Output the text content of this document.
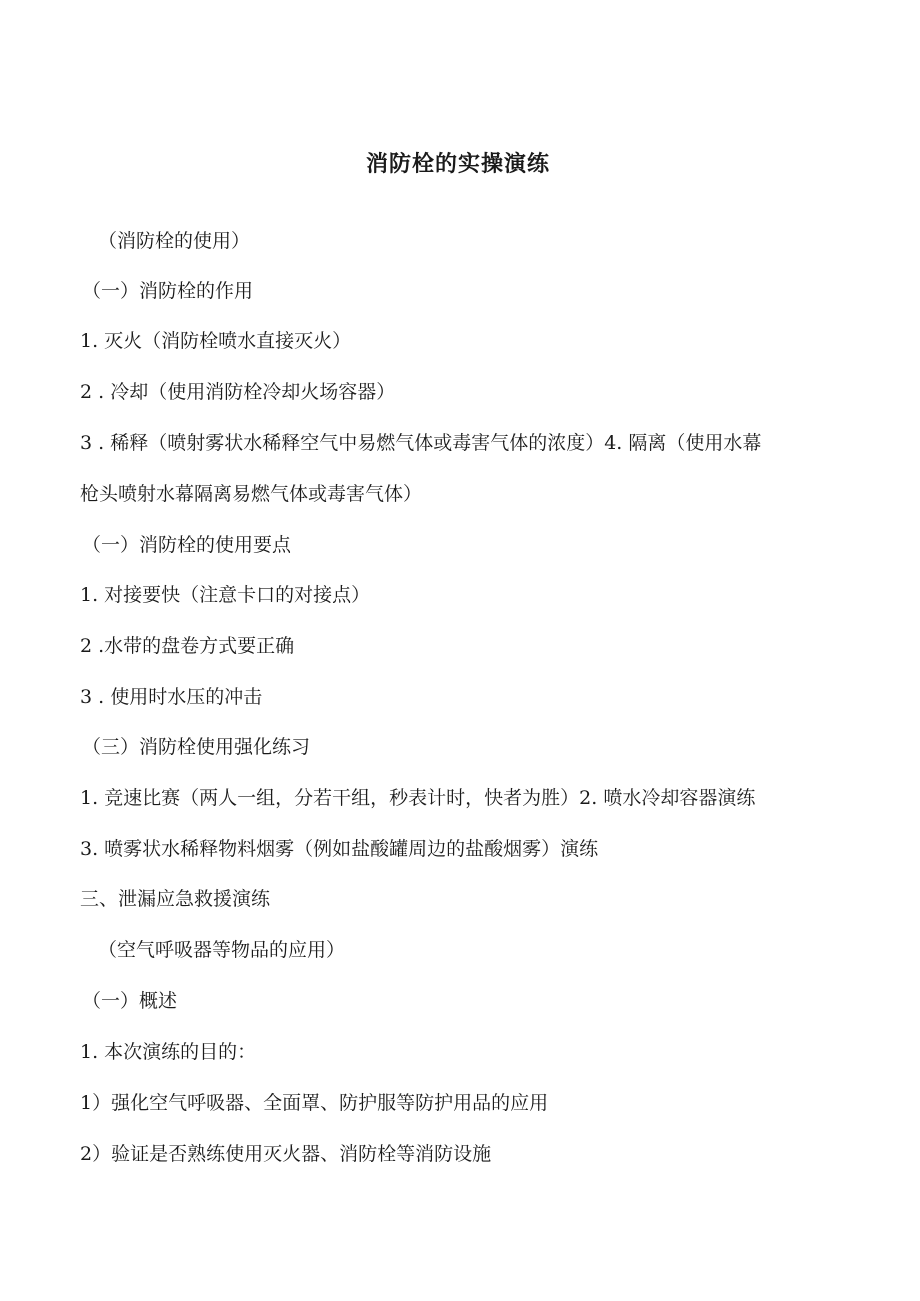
消防栓的实操演练

（消防栓的使用）

（一）消防栓的作用

1. 灭火（消防栓喷水直接灭火）

2 . 冷却（使用消防栓冷却火场容器）

3 . 稀释（喷射雾状水稀释空气中易燃气体或毒害气体的浓度）4. 隔离（使用水幕

枪头喷射水幕隔离易燃气体或毒害气体）

（一）消防栓的使用要点

1. 对接要快（注意卡口的对接点）

2 .水带的盘卷方式要正确

3 . 使用时水压的冲击

（三）消防栓使用强化练习

1. 竞速比赛（两人一组，分若干组，秒表计时，快者为胜）2. 喷水冷却容器演练

3. 喷雾状水稀释物料烟雾（例如盐酸罐周边的盐酸烟雾）演练

三、泄漏应急救援演练

（空气呼吸器等物品的应用）

（一）概述

1. 本次演练的目的：

1）强化空气呼吸器、全面罩、防护服等防护用品的应用

2）验证是否熟练使用灭火器、消防栓等消防设施
